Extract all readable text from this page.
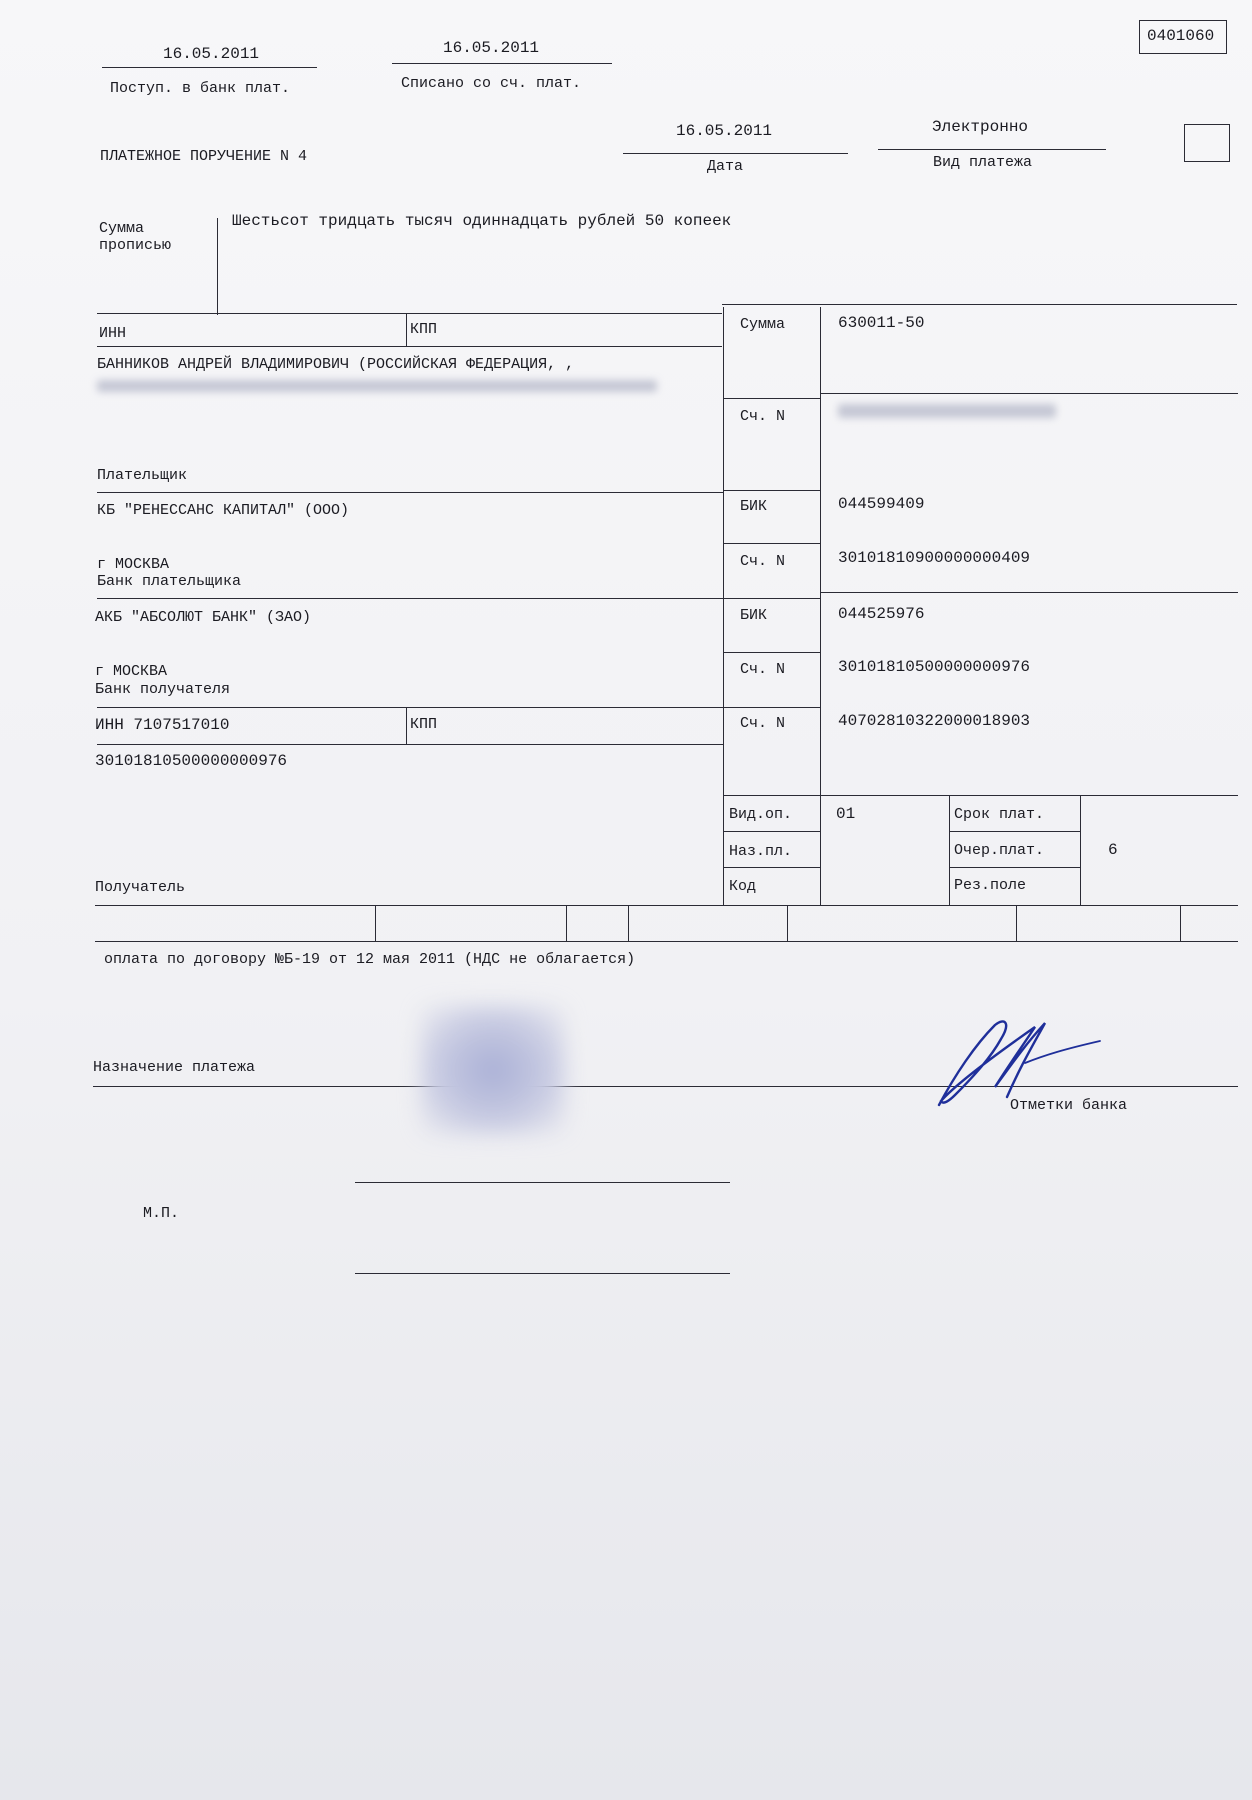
0401060
16.05.2011
Поступ. в банк плат.
16.05.2011
Списано со сч. плат.
ПЛАТЕЖНОЕ ПОРУЧЕНИЕ N 4
16.05.2011
Дата
Электронно
Вид платежа
Сумма
прописью
Шестьсот тридцать тысяч одиннадцать рублей 50 копеек
ИНН	КПП
БАННИКОВ АНДРЕЙ ВЛАДИМИРОВИЧ (РОССИЙСКАЯ ФЕДЕРАЦИЯ, ,
Плательщик
Сумма	630011-50
Сч. N
КБ "РЕНЕССАНС КАПИТАЛ" (ООО)
г МОСКВА
Банк плательщика
БИК	044599409
Сч. N	30101810900000000409
АКБ "АБСОЛЮТ БАНК" (ЗАО)
г МОСКВА
Банк получателя
БИК	044525976
Сч. N	30101810500000000976
ИНН 7107517010	КПП
30101810500000000976
Получатель
Сч. N	40702810322000018903
Вид.оп.	01
Наз.пл.
Код
Срок плат.
Очер.плат.	6
Рез.поле
оплата по договору №Б-19 от 12 мая 2011 (НДС не облагается)
Назначение платежа
Отметки банка
М.П.
